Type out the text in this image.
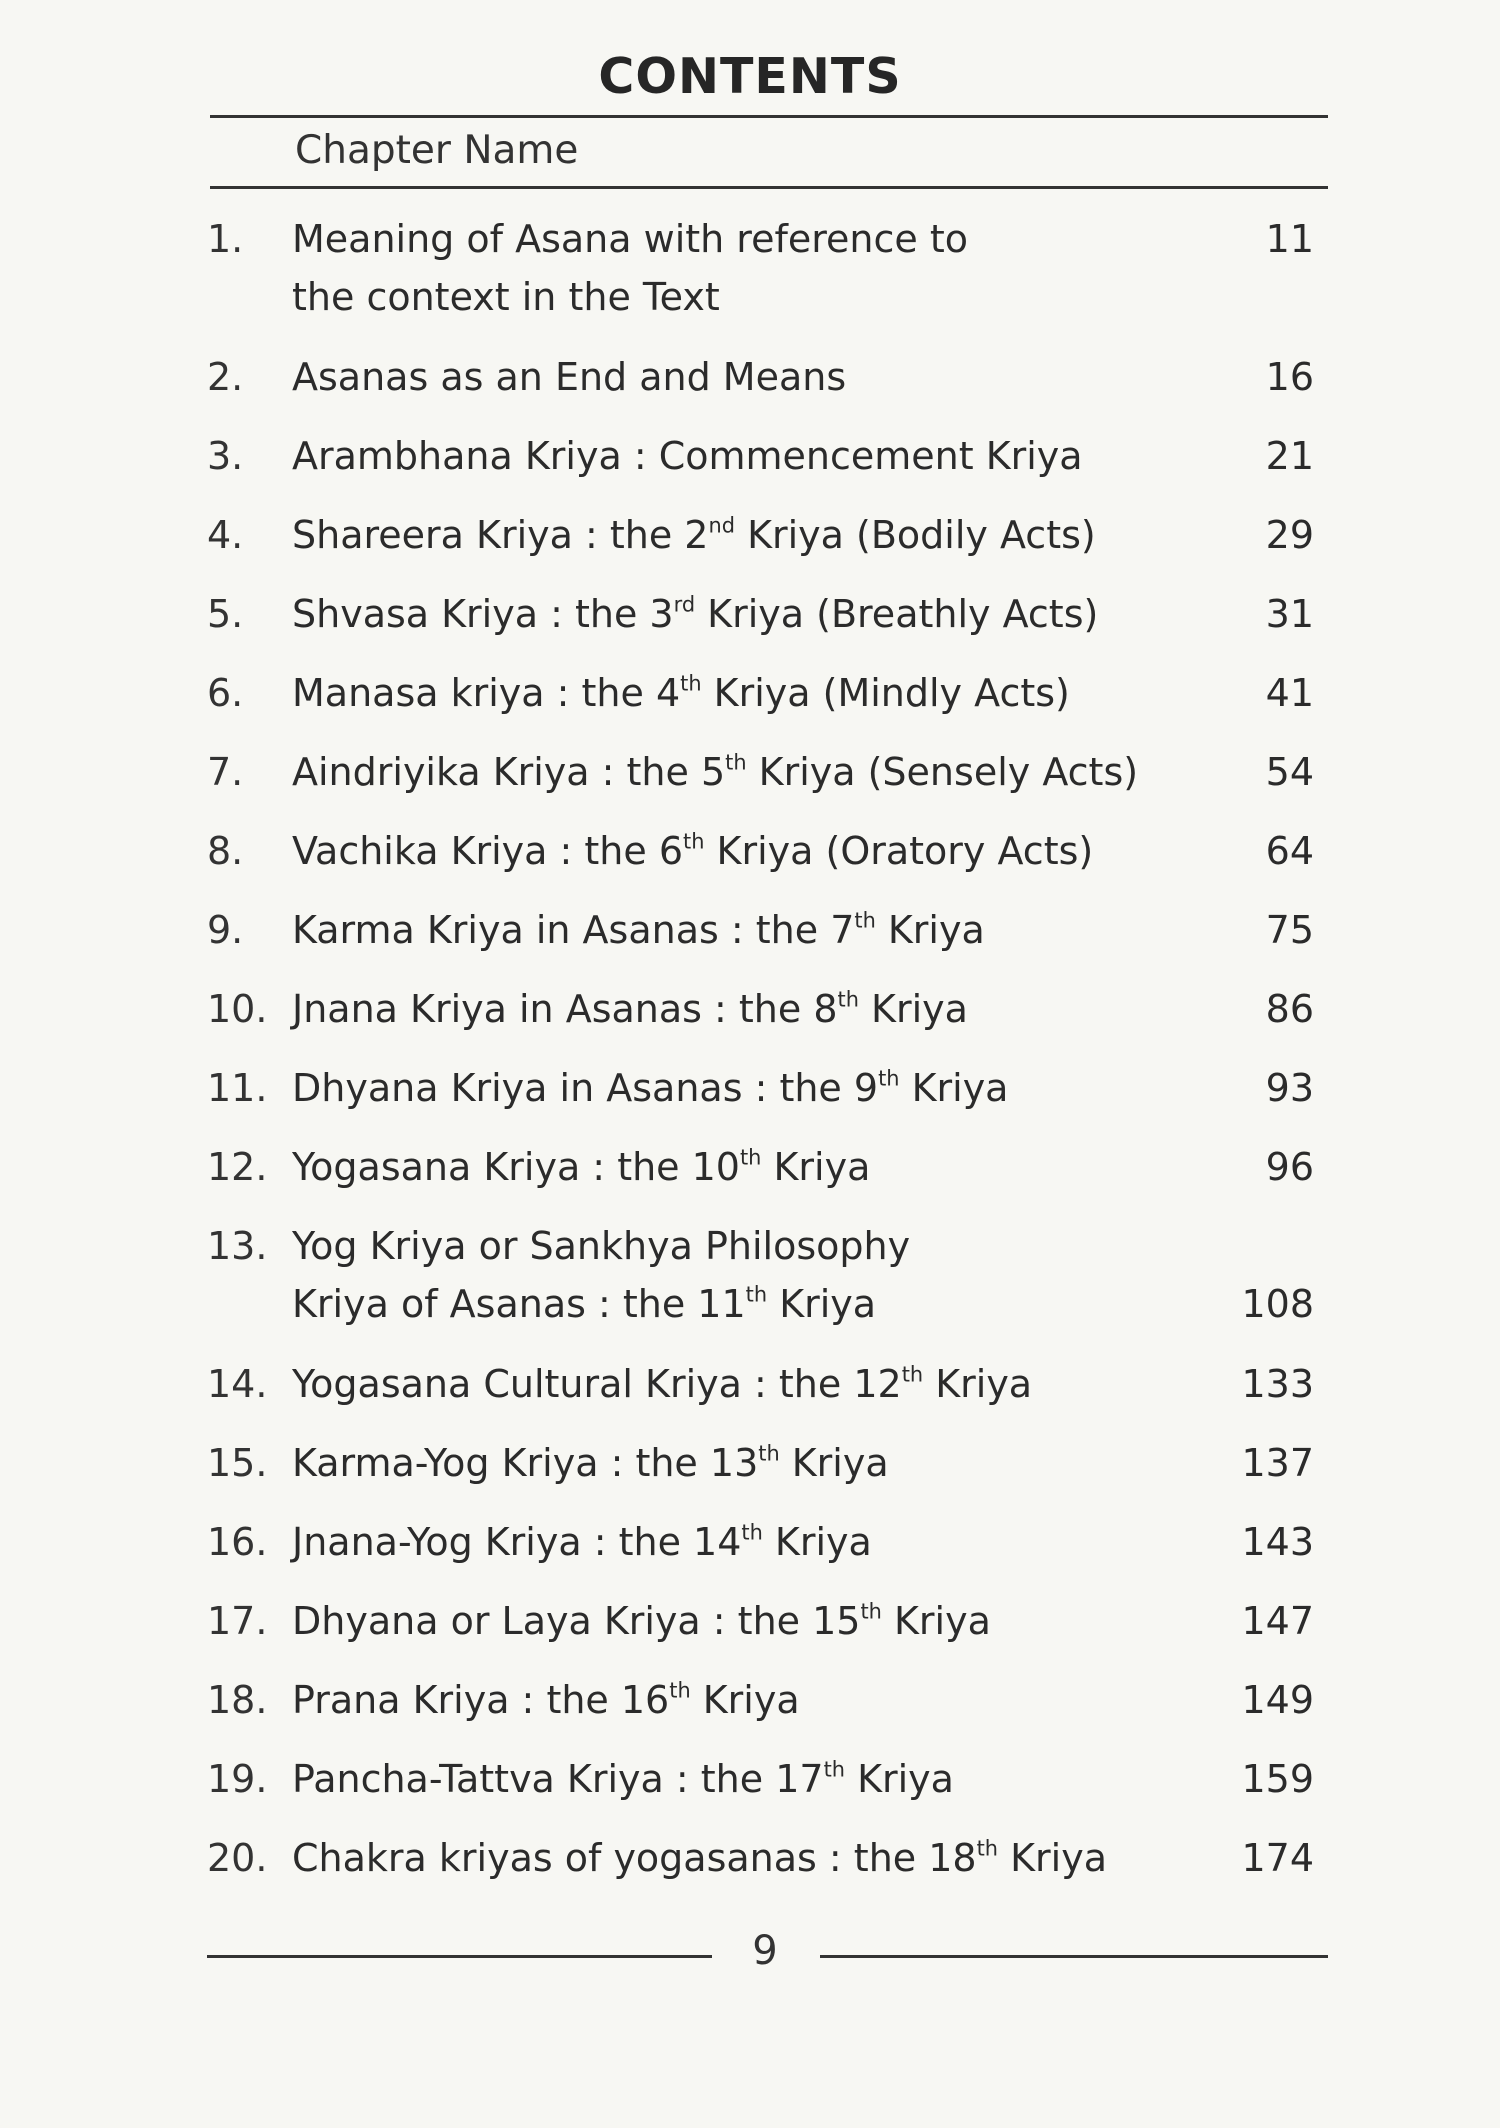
CONTENTS
Chapter Name
1. Meaning of Asana with reference to
the context in the Text
11
2. Asanas as an End and Means	16
3. Arambhana Kriya : Commencement Kriya	21
4. Shareera Kriya : the 2nd Kriya (Bodily Acts)	29
5. Shvasa Kriya : the 3rd Kriya (Breathly Acts)	31
6. Manasa kriya : the 4th Kriya (Mindly Acts)	41
7. Aindriyika Kriya : the 5th Kriya (Sensely Acts)	54
8. Vachika Kriya : the 6th Kriya (Oratory Acts)	64
9. Karma Kriya in Asanas : the 7th Kriya	75
10. Jnana Kriya in Asanas : the 8th Kriya	86
11. Dhyana Kriya in Asanas : the 9th Kriya	93
12. Yogasana Kriya : the 10th Kriya	96
13. Yog Kriya or Sankhya Philosophy
Kriya of Asanas : the 11th Kriya	108
14. Yogasana Cultural Kriya : the 12th Kriya	133
15. Karma-Yog Kriya : the 13th Kriya	137
16. Jnana-Yog Kriya : the 14th Kriya	143
17. Dhyana or Laya Kriya : the 15th Kriya	147
18. Prana Kriya : the 16th Kriya	149
19. Pancha-Tattva Kriya : the 17th Kriya	159
20. Chakra kriyas of yogasanas : the 18th Kriya	174
9
